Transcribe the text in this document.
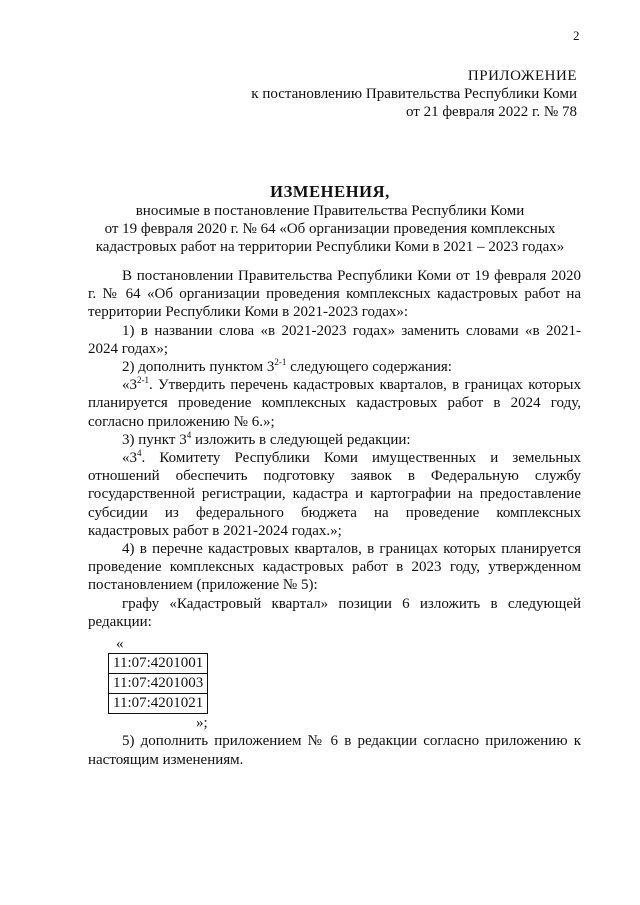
2
ПРИЛОЖЕНИЕ
к постановлению Правительства Республики Коми
от 21 февраля 2022 г. № 78
ИЗМЕНЕНИЯ,
вносимые в постановление Правительства Республики Коми
от 19 февраля 2020 г. № 64 «Об организации проведения комплексных
кадастровых работ на территории Республики Коми в 2021 – 2023 годах»

В постановлении Правительства Республики Коми от 19 февраля 2020 г. № 64 «Об организации проведения комплексных кадастровых работ на территории Республики Коми в 2021-2023 годах»:

1) в названии слова «в 2021-2023 годах» заменить словами «в 2021-2024 годах»;

2) дополнить пунктом 3$^{2-1}$ следующего содержания:

«3$^{2-1}$. Утвердить перечень кадастровых кварталов, в границах которых планируется проведение комплексных кадастровых работ в 2024 году, согласно приложению № 6.»;

3) пункт $3^4$ изложить в следующей редакции:

«$3^4$. Комитету Республики Коми имущественных и земельных отношений обеспечить подготовку заявок в Федеральную службу государственной регистрации, кадастра и картографии на предоставление субсидии из федерального бюджета на проведение комплексных кадастровых работ в 2021-2024 годах.»;

4) в перечне кадастровых кварталов, в границах которых планируется проведение комплексных кадастровых работ в 2023 году, утвержденном постановлением (приложение № 5):

графу «Кадастровый квартал» позиции 6 изложить в следующей редакции:

«
11:07:4201001
11:07:4201003
11:07:4201021
»;

5) дополнить приложением № 6 в редакции согласно приложению к настоящим изменениям.
